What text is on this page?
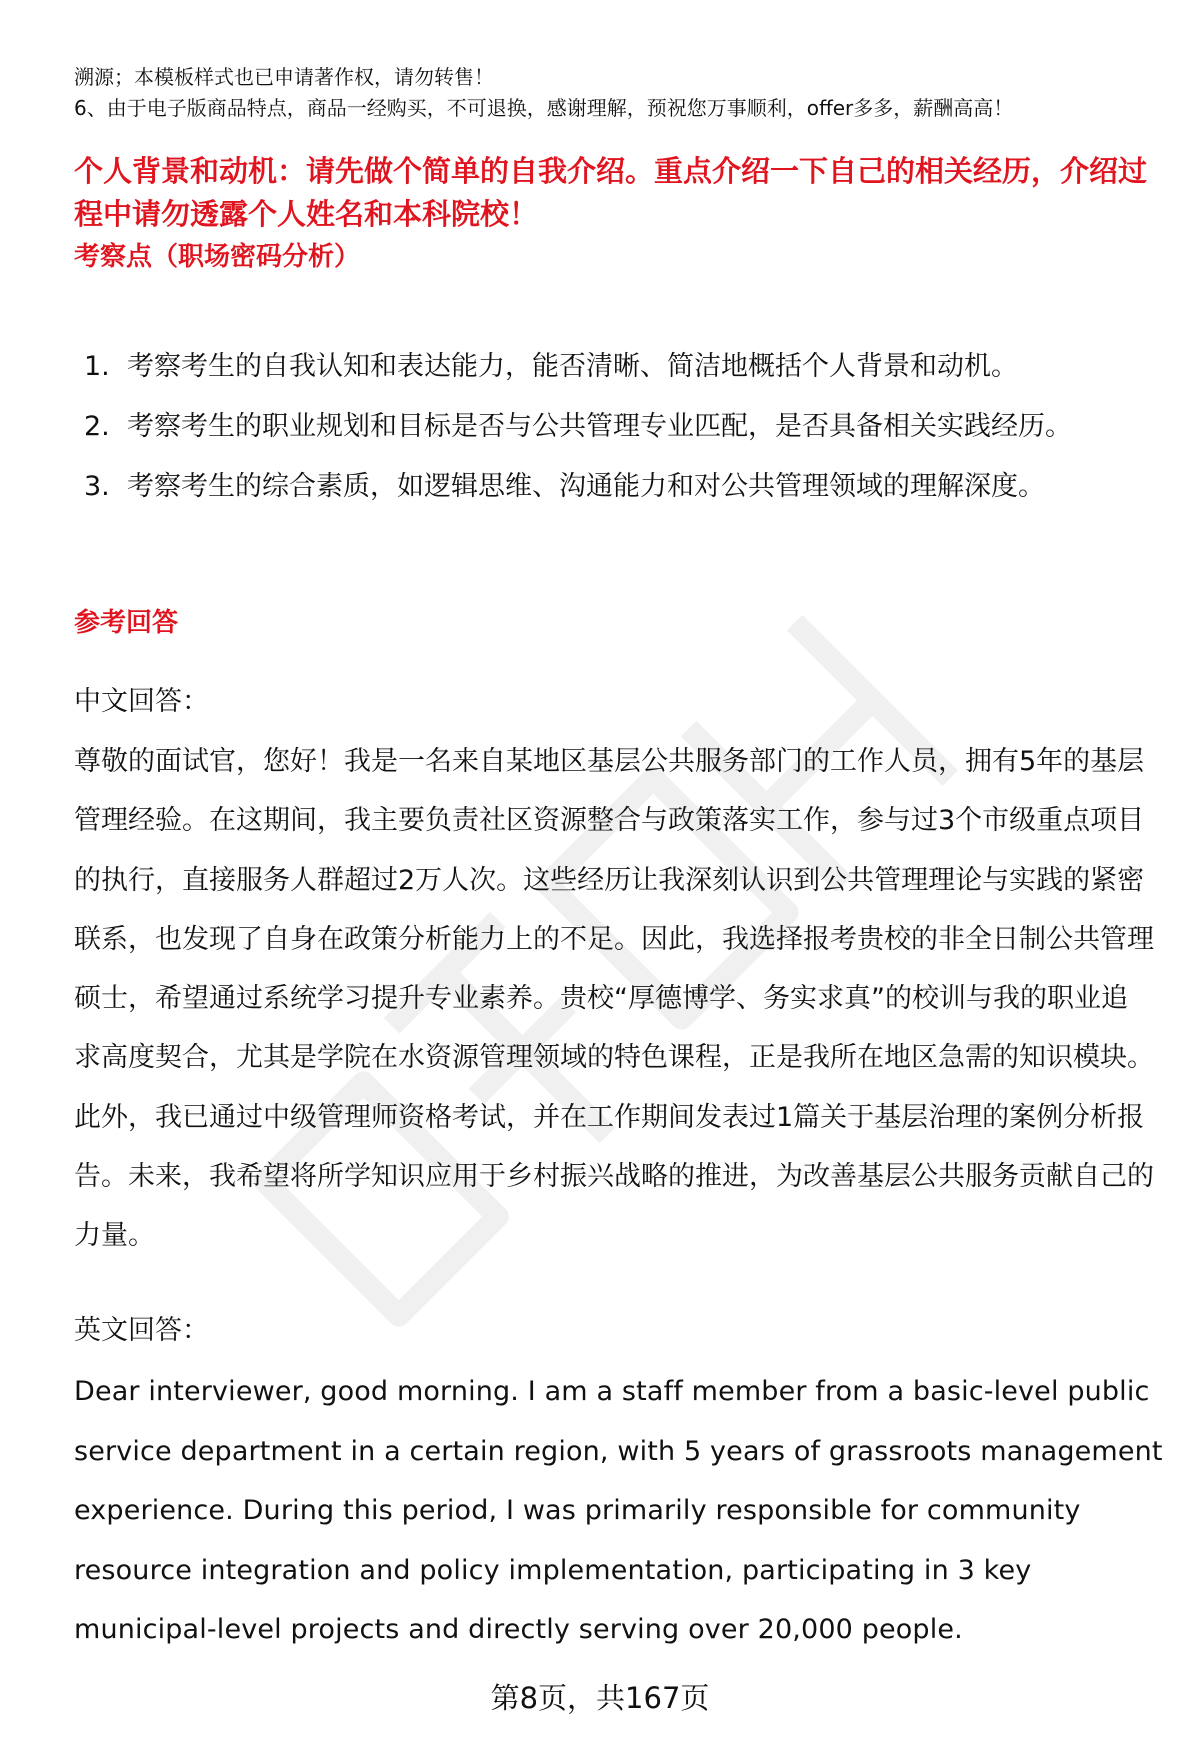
溯源；本模板样式也已申请著作权，请勿转售！

6、由于电子版商品特点，商品一经购买，不可退换，感谢理解，预祝您万事顺利，offer多多，薪酬高高！

个人背景和动机：请先做个简单的自我介绍。重点介绍一下自己的相关经历，介绍过程中请勿透露个人姓名和本科院校！
考察点（职场密码分析）
1. 考察考生的自我认知和表达能力，能否清晰、简洁地概括个人背景和动机。
2. 考察考生的职业规划和目标是否与公共管理专业匹配，是否具备相关实践经历。
3. 考察考生的综合素质，如逻辑思维、沟通能力和对公共管理领域的理解深度。
参考回答
中文回答：

尊敬的面试官，您好！我是一名来自某地区基层公共服务部门的工作人员，拥有5年的基层管理经验。在这期间，我主要负责社区资源整合与政策落实工作，参与过3个市级重点项目的执行，直接服务人群超过2万人次。这些经历让我深刻认识到公共管理理论与实践的紧密联系，也发现了自身在政策分析能力上的不足。因此，我选择报考贵校的非全日制公共管理硕士，希望通过系统学习提升专业素养。贵校“厚德博学、务实求真”的校训与我的职业追求高度契合，尤其是学院在水资源管理领域的特色课程，正是我所在地区急需的知识模块。此外，我已通过中级管理师资格考试，并在工作期间发表过1篇关于基层治理的案例分析报告。未来，我希望将所学知识应用于乡村振兴战略的推进，为改善基层公共服务贡献自己的力量。

英文回答：

Dear interviewer, good morning. I am a staff member from a basic-level public service department in a certain region, with 5 years of grassroots management experience. During this period, I was primarily responsible for community resource integration and policy implementation, participating in 3 key municipal-level projects and directly serving over 20,000 people.

第8页，共167页
